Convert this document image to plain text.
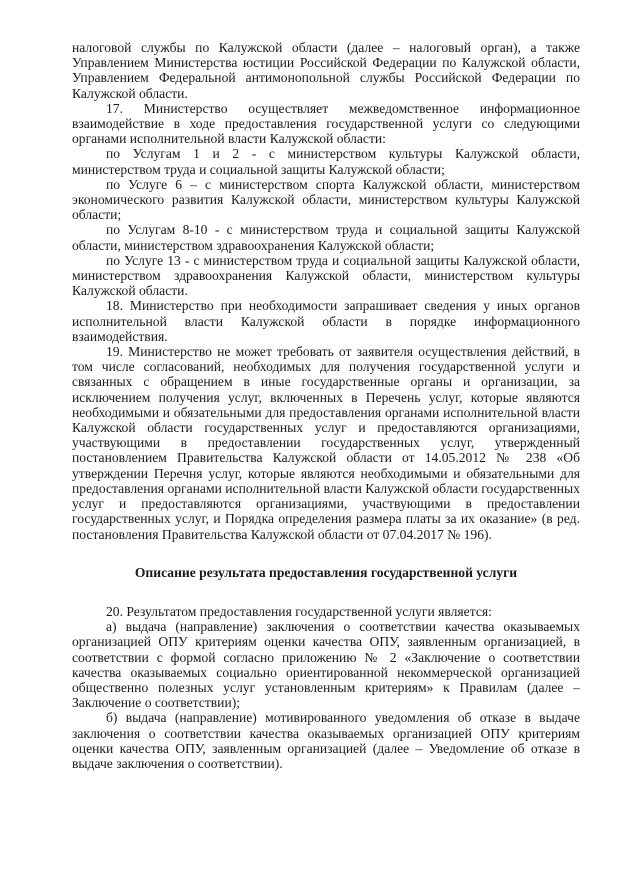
налоговой службы по Калужской области (далее – налоговый орган), а также Управлением Министерства юстиции Российской Федерации по Калужской области, Управлением Федеральной антимонопольной службы Российской Федерации по Калужской области.

17. Министерство осуществляет межведомственное информационное взаимодействие в ходе предоставления государственной услуги со следующими органами исполнительной власти Калужской области:

по Услугам 1 и 2 - с министерством культуры Калужской области, министерством труда и социальной защиты Калужской области;

по Услуге 6 – с министерством спорта Калужской области, министерством экономического развития Калужской области, министерством культуры Калужской области;

по Услугам 8-10 - с министерством труда и социальной защиты Калужской области, министерством здравоохранения Калужской области;

по Услуге 13 - с министерством труда и социальной защиты Калужской области, министерством здравоохранения Калужской области, министерством культуры Калужской области.

18. Министерство при необходимости запрашивает сведения у иных органов исполнительной власти Калужской области в порядке информационного взаимодействия.

19. Министерство не может требовать от заявителя осуществления действий, в том числе согласований, необходимых для получения государственной услуги и связанных с обращением в иные государственные органы и организации, за исключением получения услуг, включенных в Перечень услуг, которые являются необходимыми и обязательными для предоставления органами исполнительной власти Калужской области государственных услуг и предоставляются организациями, участвующими в предоставлении государственных услуг, утвержденный постановлением Правительства Калужской области от 14.05.2012 № 238 «Об утверждении Перечня услуг, которые являются необходимыми и обязательными для предоставления органами исполнительной власти Калужской области государственных услуг и предоставляются организациями, участвующими в предоставлении государственных услуг, и Порядка определения размера платы за их оказание» (в ред. постановления Правительства Калужской области от 07.04.2017 № 196).

Описание результата предоставления государственной услуги

20. Результатом предоставления государственной услуги является:

а) выдача (направление) заключения о соответствии качества оказываемых организацией ОПУ критериям оценки качества ОПУ, заявленным организацией, в соответствии с формой согласно приложению № 2 «Заключение о соответствии качества оказываемых социально ориентированной некоммерческой организацией общественно полезных услуг установленным критериям» к Правилам (далее – Заключение о соответствии);

б) выдача (направление) мотивированного уведомления об отказе в выдаче заключения о соответствии качества оказываемых организацией ОПУ критериям оценки качества ОПУ, заявленным организацией (далее – Уведомление об отказе в выдаче заключения о соответствии).
